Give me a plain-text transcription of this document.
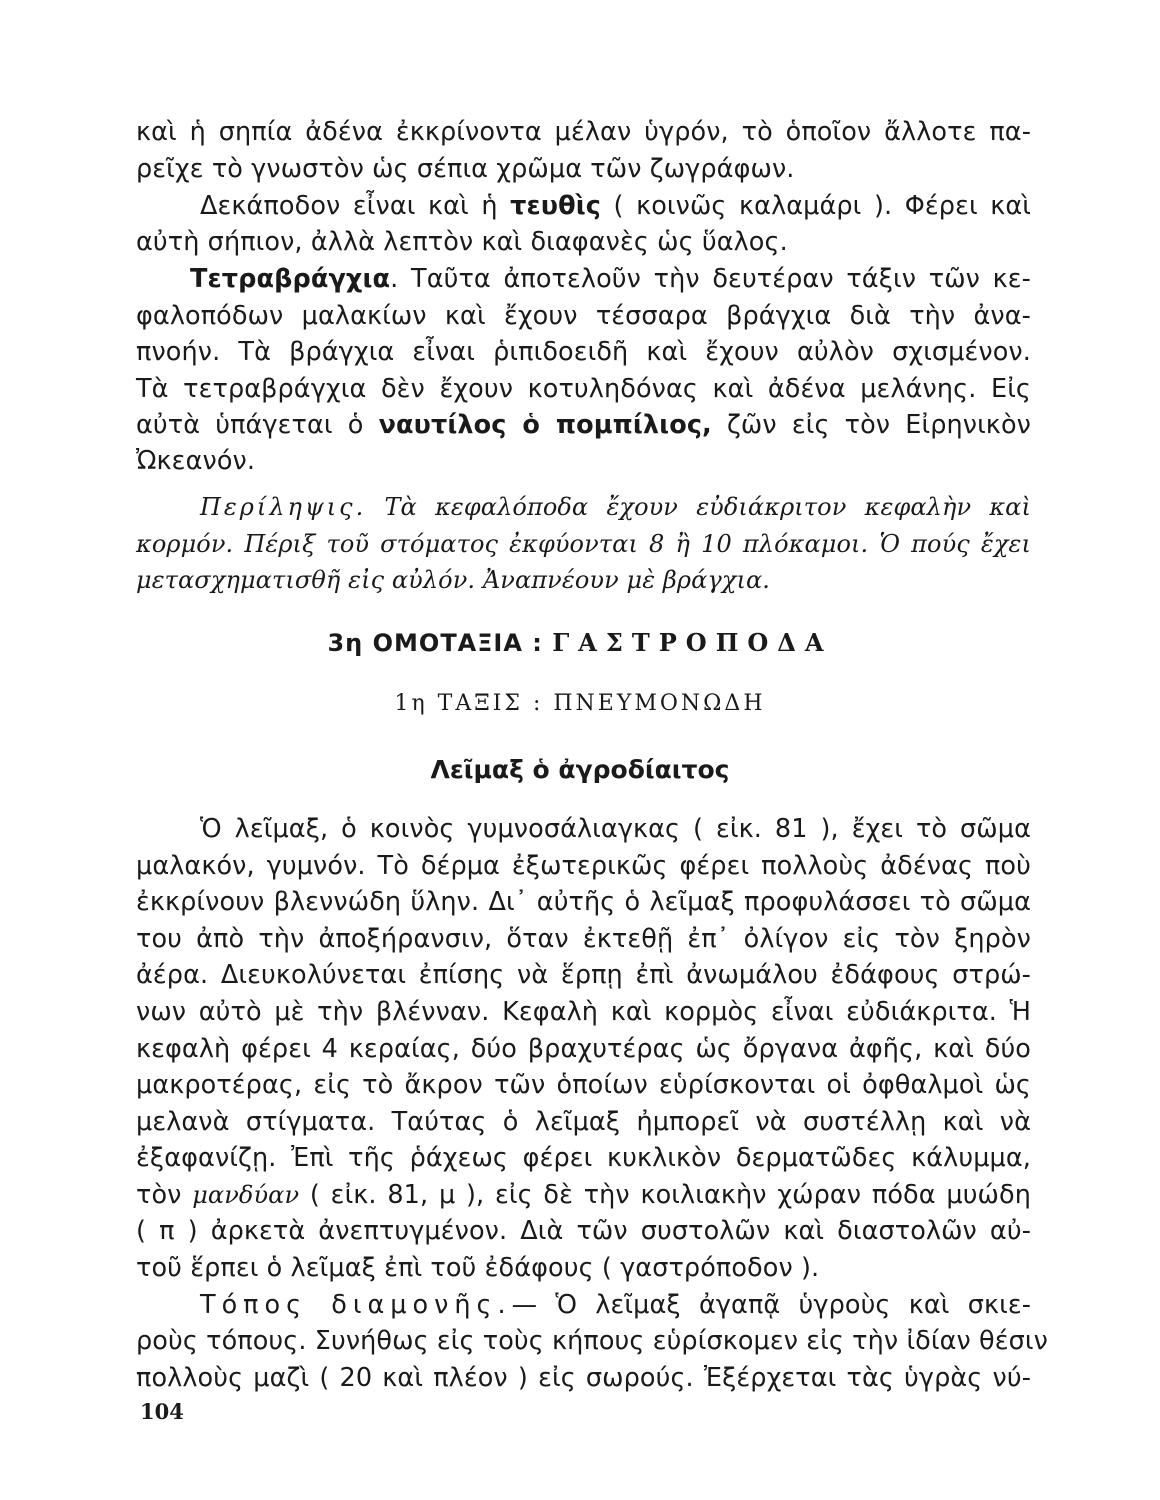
καὶ ἡ σηπία ἀδένα ἐκκρίνοντα μέλαν ὑγρόν, τὸ ὁποῖον ἄλλοτε πα-
ρεῖχε τὸ γνωστὸν ὡς σέπια χρῶμα τῶν ζωγράφων.
Δεκάποδον εἶναι καὶ ἡ τευθὶς ( κοινῶς καλαμάρι ). Φέρει καὶ
αὐτὴ σήπιον, ἀλλὰ λεπτὸν καὶ διαφανὲς ὡς ὕαλος.
Τετραβράγχια. Ταῦτα ἀποτελοῦν τὴν δευτέραν τάξιν τῶν κε-
φαλοπόδων μαλακίων καὶ ἔχουν τέσσαρα βράγχια διὰ τὴν ἀνα-
πνοήν. Τὰ βράγχια εἶναι ῥιπιδοειδῆ καὶ ἔχουν αὐλὸν σχισμένον.
Τὰ τετραβράγχια δὲν ἔχουν κοτυληδόνας καὶ ἀδένα μελάνης. Εἰς
αὐτὰ ὑπάγεται ὁ ναυτίλος ὁ πομπίλιος, ζῶν εἰς τὸν Εἰρηνικὸν
Ὠκεανόν.
Περίληψις. Τὰ κεφαλόποδα ἔχουν εὐδιάκριτον κεφαλὴν καὶ
κορμόν. Πέριξ τοῦ στόματος ἐκφύονται 8 ἢ 10 πλόκαμοι. Ὁ πούς ἔχει
μετασχηματισθῆ εἰς αὐλόν. Ἀναπνέουν μὲ βράγχια.
3η ΟΜΟΤΑΞΙΑ : ΓΑΣΤΡΟΠΟΔΑ
1η ΤΑΞΙΣ : ΠΝΕΥΜΟΝΩΔΗ
Λεῖμαξ ὁ ἀγροδίαιτος
Ὁ λεῖμαξ, ὁ κοινὸς γυμνοσάλιαγκας ( εἰκ. 81 ), ἔχει τὸ σῶμα
μαλακόν, γυμνόν. Τὸ δέρμα ἐξωτερικῶς φέρει πολλοὺς ἀδένας ποὺ
ἐκκρίνουν βλεννώδη ὕλην. Δι᾽ αὐτῆς ὁ λεῖμαξ προφυλάσσει τὸ σῶμα
του ἀπὸ τὴν ἀποξήρανσιν, ὅταν ἐκτεθῇ ἐπ᾽ ὀλίγον εἰς τὸν ξηρὸν
ἀέρα. Διευκολύνεται ἐπίσης νὰ ἕρπῃ ἐπὶ ἀνωμάλου ἐδάφους στρώ-
νων αὐτὸ μὲ τὴν βλένναν. Κεφαλὴ καὶ κορμὸς εἶναι εὐδιάκριτα. Ἡ
κεφαλὴ φέρει 4 κεραίας, δύο βραχυτέρας ὡς ὄργανα ἀφῆς, καὶ δύο
μακροτέρας, εἰς τὸ ἄκρον τῶν ὁποίων εὑρίσκονται οἱ ὀφθαλμοὶ ὡς
μελανὰ στίγματα. Ταύτας ὁ λεῖμαξ ἠμπορεῖ νὰ συστέλλῃ καὶ νὰ
ἐξαφανίζῃ. Ἐπὶ τῆς ῥάχεως φέρει κυκλικὸν δερματῶδες κάλυμμα,
τὸν μανδύαν ( εἰκ. 81, μ ), εἰς δὲ τὴν κοιλιακὴν χώραν πόδα μυώδη
( π ) ἀρκετὰ ἀνεπτυγμένον. Διὰ τῶν συστολῶν καὶ διαστολῶν αὐ-
τοῦ ἕρπει ὁ λεῖμαξ ἐπὶ τοῦ ἐδάφους ( γαστρόποδον ).
Τόπος διαμονῆς.— Ὁ λεῖμαξ ἀγαπᾷ ὑγροὺς καὶ σκιε-
ροὺς τόπους. Συνήθως εἰς τοὺς κήπους εὑρίσκομεν εἰς τὴν ἰδίαν θέσιν
πολλοὺς μαζὶ ( 20 καὶ πλέον ) εἰς σωρούς. Ἐξέρχεται τὰς ὑγρὰς νύ-
104
